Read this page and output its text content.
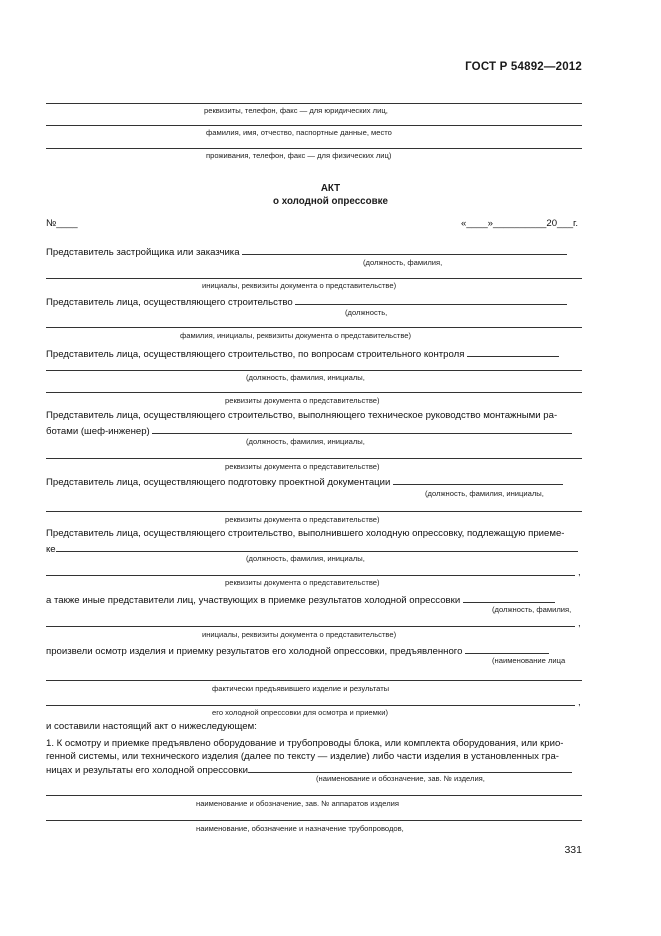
ГОСТ Р 54892—2012
реквизиты, телефон, факс — для юридических лиц,
фамилия, имя, отчество, паспортные данные, место
проживания, телефон, факс — для физических лиц)
АКТ
о холодной опрессовке
№____	«____»__________20___г.
Представитель застройщика или заказчика
(должность, фамилия,
инициалы, реквизиты документа о представительстве)
Представитель лица, осуществляющего строительство
(должность,
фамилия, инициалы, реквизиты документа о представительстве)
Представитель лица, осуществляющего строительство, по вопросам строительного контроля
(должность, фамилия, инициалы,
реквизиты документа о представительстве)
Представитель лица, осуществляющего строительство, выполняющего техническое руководство монтажными ра-
ботами (шеф-инженер)
(должность, фамилия, инициалы,
реквизиты документа о представительстве)
Представитель лица, осуществляющего подготовку проектной документации
(должность, фамилия, инициалы,
реквизиты документа о представительстве)
Представитель лица, осуществляющего строительство, выполнившего холодную опрессовку, подлежащую приеме-
ке
(должность, фамилия, инициалы,
,
реквизиты документа о представительстве)
а также иные представители лиц, участвующих в приемке результатов холодной опрессовки
(должность, фамилия,
,
инициалы, реквизиты документа о представительстве)
произвели осмотр изделия и приемку результатов его холодной опрессовки, предъявленного
(наименование лица
фактически предъявившего изделие и результаты
,
его холодной опрессовки для осмотра и приемки)
и составили настоящий акт о нижеследующем:
1. К осмотру и приемке предъявлено оборудование и трубопроводы блока, или комплекта оборудования, или крио-
генной системы, или технического изделия (далее по тексту — изделие) либо части изделия в установленных гра-
ницах и результаты его холодной опрессовки
(наименование и обозначение, зав. № изделия,
наименование и обозначение, зав. № аппаратов изделия
наименование, обозначение и назначение трубопроводов,
331
